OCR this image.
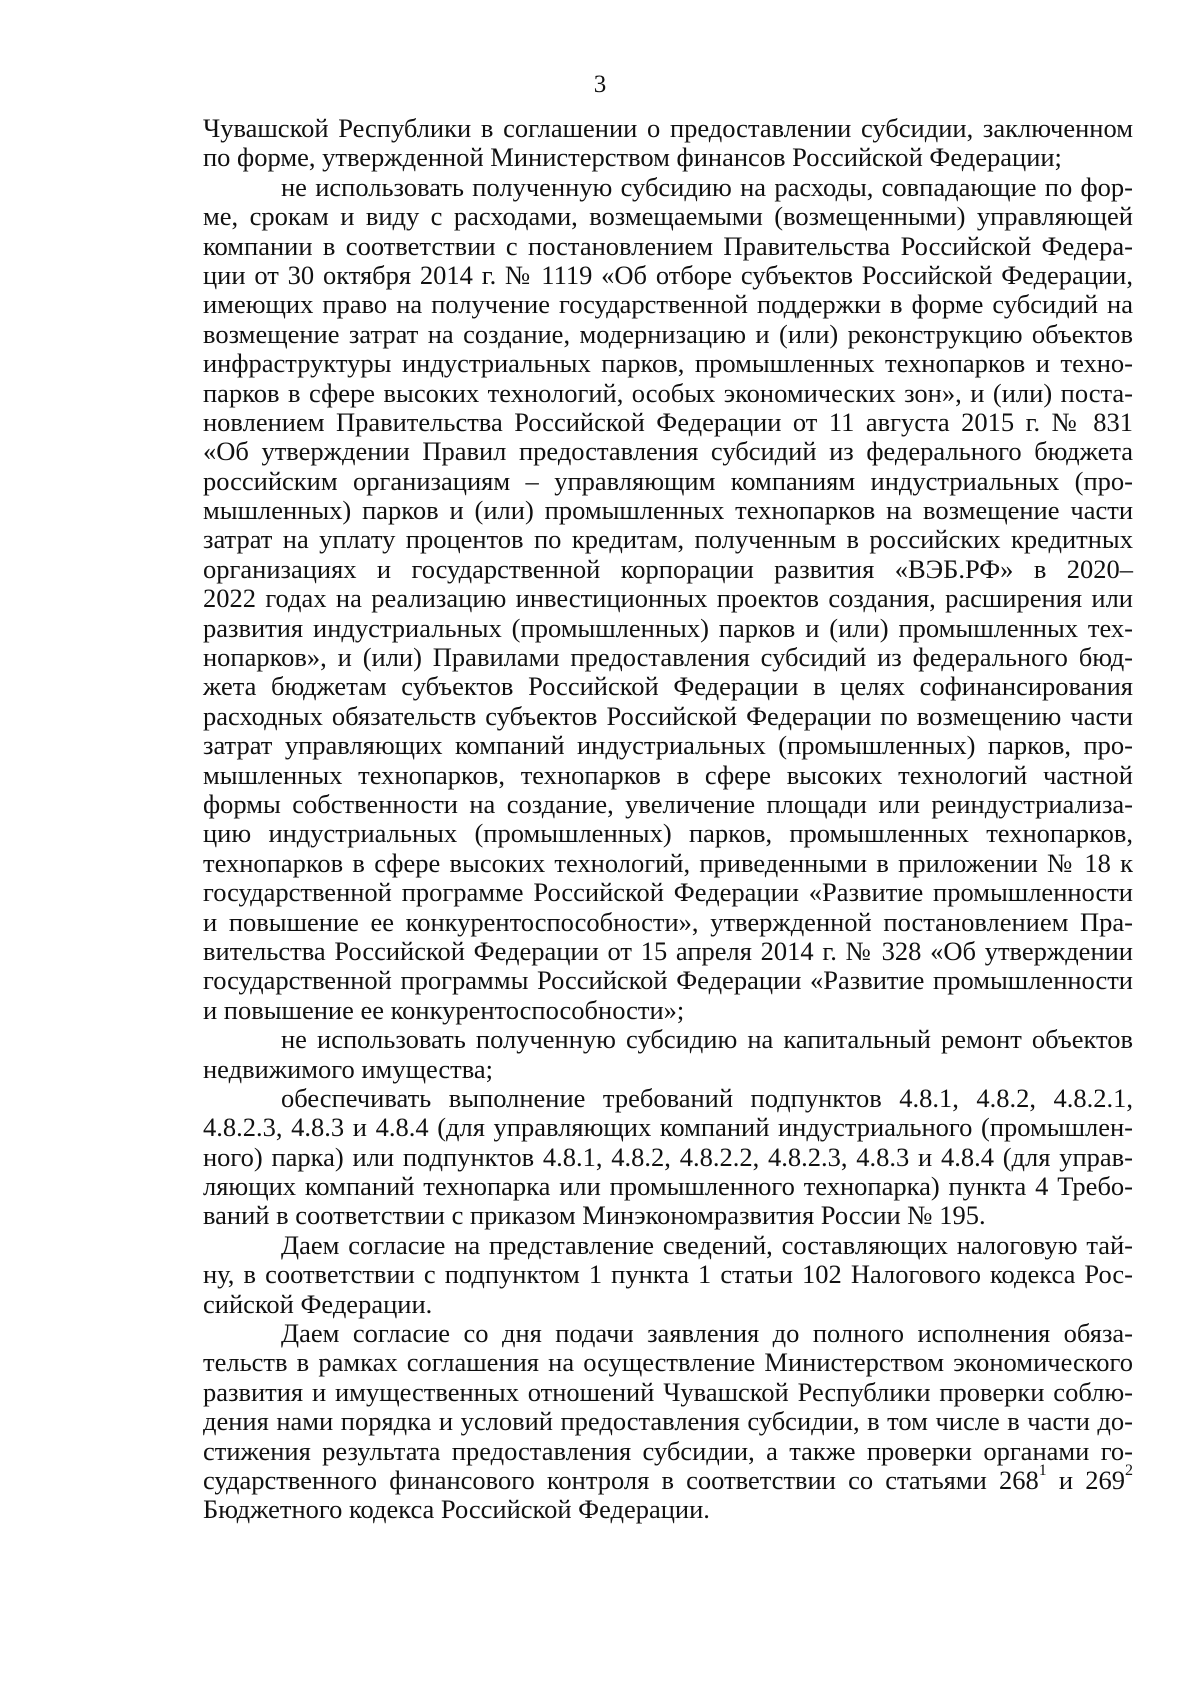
3
Чувашской Республики в соглашении о предоставлении субсидии, заключенном
по форме, утвержденной Министерством финансов Российской Федерации;
не использовать полученную субсидию на расходы, совпадающие по фор-
ме, срокам и виду с расходами, возмещаемыми (возмещенными) управляющей
компании в соответствии с постановлением Правительства Российской Федера-
ции от 30 октября 2014 г. № 1119 «Об отборе субъектов Российской Федерации,
имеющих право на получение государственной поддержки в форме субсидий на
возмещение затрат на создание, модернизацию и (или) реконструкцию объектов
инфраструктуры индустриальных парков, промышленных технопарков и техно-
парков в сфере высоких технологий, особых экономических зон», и (или) поста-
новлением Правительства Российской Федерации от 11 августа 2015 г. № 831
«Об утверждении Правил предоставления субсидий из федерального бюджета
российским организациям – управляющим компаниям индустриальных (про-
мышленных) парков и (или) промышленных технопарков на возмещение части
затрат на уплату процентов по кредитам, полученным в российских кредитных
организациях и государственной корпорации развития «ВЭБ.РФ» в 2020–
2022 годах на реализацию инвестиционных проектов создания, расширения или
развития индустриальных (промышленных) парков и (или) промышленных тех-
нопарков», и (или) Правилами предоставления субсидий из федерального бюд-
жета бюджетам субъектов Российской Федерации в целях софинансирования
расходных обязательств субъектов Российской Федерации по возмещению части
затрат управляющих компаний индустриальных (промышленных) парков, про-
мышленных технопарков, технопарков в сфере высоких технологий частной
формы собственности на создание, увеличение площади или реиндустриализа-
цию индустриальных (промышленных) парков, промышленных технопарков,
технопарков в сфере высоких технологий, приведенными в приложении № 18 к
государственной программе Российской Федерации «Развитие промышленности
и повышение ее конкурентоспособности», утвержденной постановлением Пра-
вительства Российской Федерации от 15 апреля 2014 г. № 328 «Об утверждении
государственной программы Российской Федерации «Развитие промышленности
и повышение ее конкурентоспособности»;
не использовать полученную субсидию на капитальный ремонт объектов
недвижимого имущества;
обеспечивать выполнение требований подпунктов 4.8.1, 4.8.2, 4.8.2.1,
4.8.2.3, 4.8.3 и 4.8.4 (для управляющих компаний индустриального (промышлен-
ного) парка) или подпунктов 4.8.1, 4.8.2, 4.8.2.2, 4.8.2.3, 4.8.3 и 4.8.4 (для управ-
ляющих компаний технопарка или промышленного технопарка) пункта 4 Требо-
ваний в соответствии с приказом Минэкономразвития России № 195.
Даем согласие на представление сведений, составляющих налоговую тай-
ну, в соответствии с подпунктом 1 пункта 1 статьи 102 Налогового кодекса Рос-
сийской Федерации.
Даем согласие со дня подачи заявления до полного исполнения обяза-
тельств в рамках соглашения на осуществление Министерством экономического
развития и имущественных отношений Чувашской Республики проверки соблю-
дения нами порядка и условий предоставления субсидии, в том числе в части до-
стижения результата предоставления субсидии, а также проверки органами го-
сударственного финансового контроля в соответствии со статьями $268^1$ и $269^2$
Бюджетного кодекса Российской Федерации.
